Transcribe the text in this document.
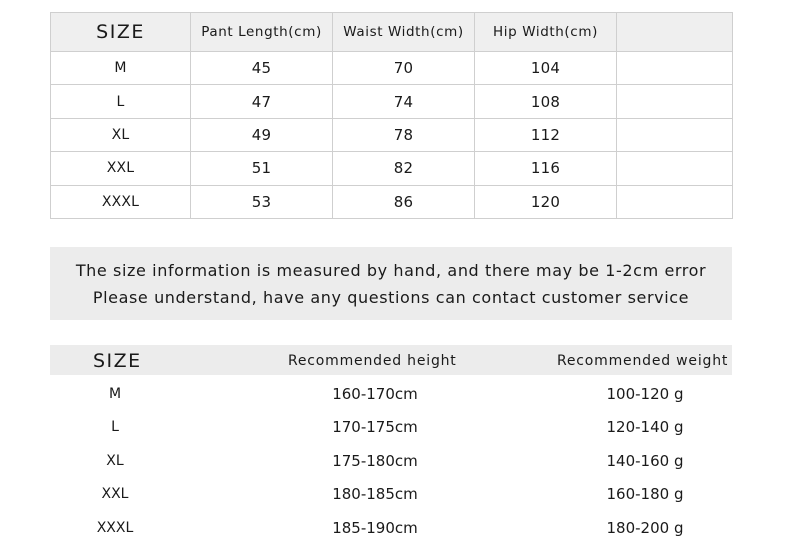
SIZE	Pant Length(cm)	Waist Width(cm)	Hip Width(cm)	
M	45	70	104	
L	47	74	108	
XL	49	78	112	
XXL	51	82	116	
XXXL	53	86	120	
The size information is measured by hand, and there may be 1-2cm error
Please understand, have any questions can contact customer service
SIZE	Recommended height	Recommended weight
M	160-170cm	100-120 g
L	170-175cm	120-140 g
XL	175-180cm	140-160 g
XXL	180-185cm	160-180 g
XXXL	185-190cm	180-200 g
